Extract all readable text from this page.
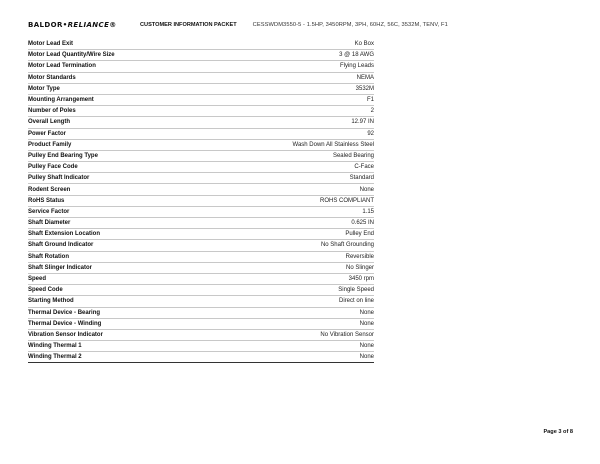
BALDOR•RELIANCE®	CUSTOMER INFORMATION PACKET	CESSWDM3550-5 - 1.5HP, 3450RPM, 3PH, 60HZ, 56C, 3532M, TENV, F1
Motor Lead Exit	Ko Box
Motor Lead Quantity/Wire Size	3 @ 18 AWG
Motor Lead Termination	Flying Leads
Motor Standards	NEMA
Motor Type	3532M
Mounting Arrangement	F1
Number of Poles	2
Overall Length	12.97 IN
Power Factor	92
Product Family	Wash Down All Stainless Steel
Pulley End Bearing Type	Sealed Bearing
Pulley Face Code	C-Face
Pulley Shaft Indicator	Standard
Rodent Screen	None
RoHS Status	ROHS COMPLIANT
Service Factor	1.15
Shaft Diameter	0.625 IN
Shaft Extension Location	Pulley End
Shaft Ground Indicator	No Shaft Grounding
Shaft Rotation	Reversible
Shaft Slinger Indicator	No Slinger
Speed	3450 rpm
Speed Code	Single Speed
Starting Method	Direct on line
Thermal Device - Bearing	None
Thermal Device - Winding	None
Vibration Sensor Indicator	No Vibration Sensor
Winding Thermal 1	None
Winding Thermal 2	None
Page 3 of 8
